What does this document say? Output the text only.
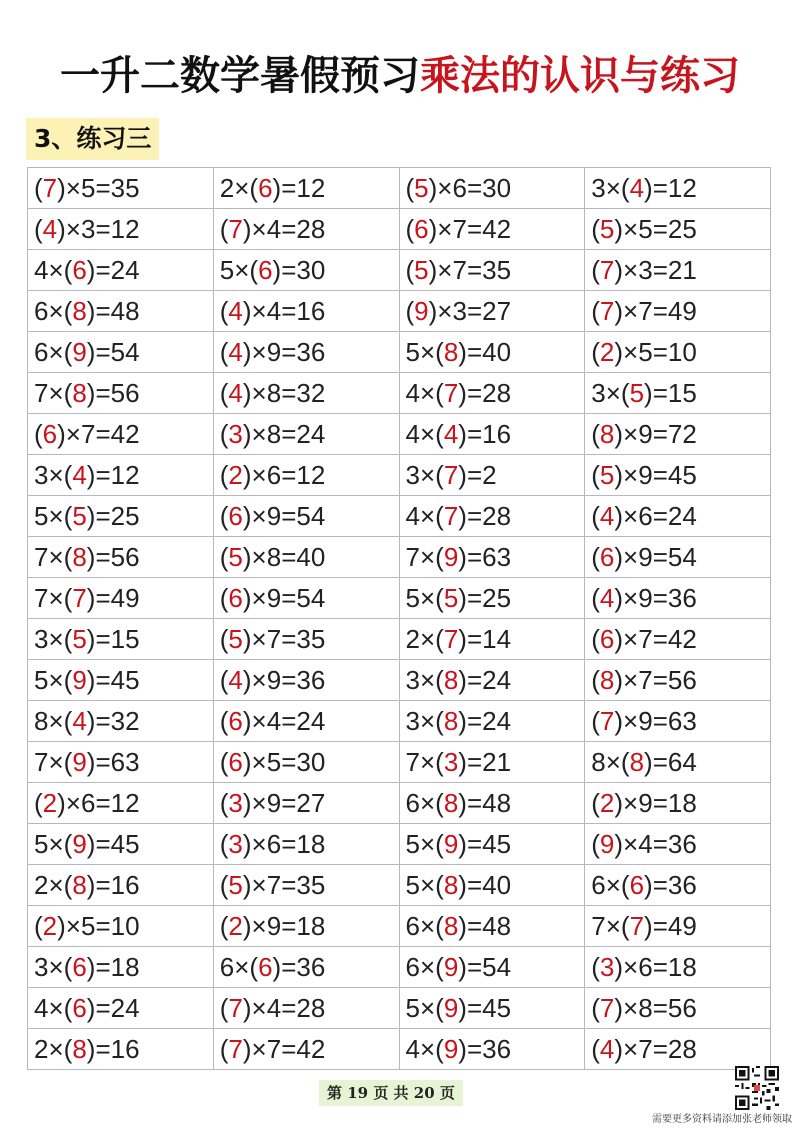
一升二数学暑假预习乘法的认识与练习
3、练习三
(7)×5=35	2×(6)=12	(5)×6=30	3×(4)=12
(4)×3=12	(7)×4=28	(6)×7=42	(5)×5=25
4×(6)=24	5×(6)=30	(5)×7=35	(7)×3=21
6×(8)=48	(4)×4=16	(9)×3=27	(7)×7=49
6×(9)=54	(4)×9=36	5×(8)=40	(2)×5=10
7×(8)=56	(4)×8=32	4×(7)=28	3×(5)=15
(6)×7=42	(3)×8=24	4×(4)=16	(8)×9=72
3×(4)=12	(2)×6=12	3×(7)=2	(5)×9=45
5×(5)=25	(6)×9=54	4×(7)=28	(4)×6=24
7×(8)=56	(5)×8=40	7×(9)=63	(6)×9=54
7×(7)=49	(6)×9=54	5×(5)=25	(4)×9=36
3×(5)=15	(5)×7=35	2×(7)=14	(6)×7=42
5×(9)=45	(4)×9=36	3×(8)=24	(8)×7=56
8×(4)=32	(6)×4=24	3×(8)=24	(7)×9=63
7×(9)=63	(6)×5=30	7×(3)=21	8×(8)=64
(2)×6=12	(3)×9=27	6×(8)=48	(2)×9=18
5×(9)=45	(3)×6=18	5×(9)=45	(9)×4=36
2×(8)=16	(5)×7=35	5×(8)=40	6×(6)=36
(2)×5=10	(2)×9=18	6×(8)=48	7×(7)=49
3×(6)=18	6×(6)=36	6×(9)=54	(3)×6=18
4×(6)=24	(7)×4=28	5×(9)=45	(7)×8=56
2×(8)=16	(7)×7=42	4×(9)=36	(4)×7=28
第 19 页 共 20 页
需要更多资料请添加张老师领取
